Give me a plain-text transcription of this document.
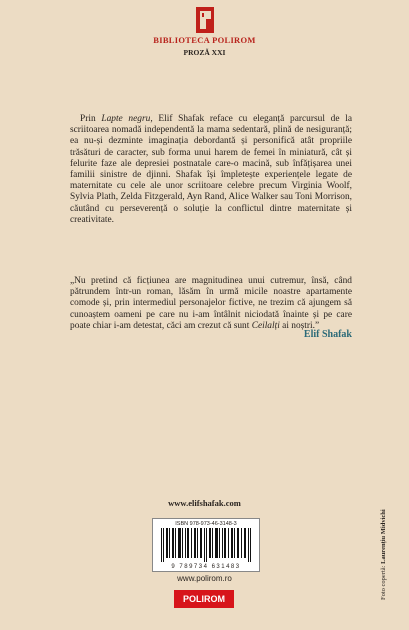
BIBLIOTECA POLIROM
PROZĂ XXI

Prin Lapte negru, Elif Shafak reface cu eleganță parcursul de la scriitoarea nomadă independentă la mama sedentară, plină de nesiguranță; ea nu-și dezminte imaginația debordantă și personifică atât propriile trăsături de caracter, sub forma unui harem de femei în miniatură, cât și felurite faze ale depresiei postnatale care-o macină, sub înfățișarea unei familii sinistre de djinni. Shafak își împletește experiențele legate de maternitate cu cele ale unor scriitoare celebre precum Virginia Woolf, Sylvia Plath, Zelda Fitzgerald, Ayn Rand, Alice Walker sau Toni Morrison, căutând cu perseverență o soluție la conflictul dintre maternitate și creativitate.

„Nu pretind că ficțiunea are magnitudinea unui cutremur, însă, când pătrundem într-un roman, lăsăm în urmă micile noastre apartamente comode și, prin intermediul personajelor fictive, ne trezim că ajungem să cunoaștem oameni pe care nu i-am întâlnit niciodată înainte și pe care poate chiar i-am detestat, căci am crezut că sunt Ceilalți ai noștri.”

Elif Shafak
www.elifshafak.com
ISBN 978-973-46-3148-3
9 789734 631483
www.polirom.ro
POLIROM	Foto copertă: Laurențiu Midvichi
